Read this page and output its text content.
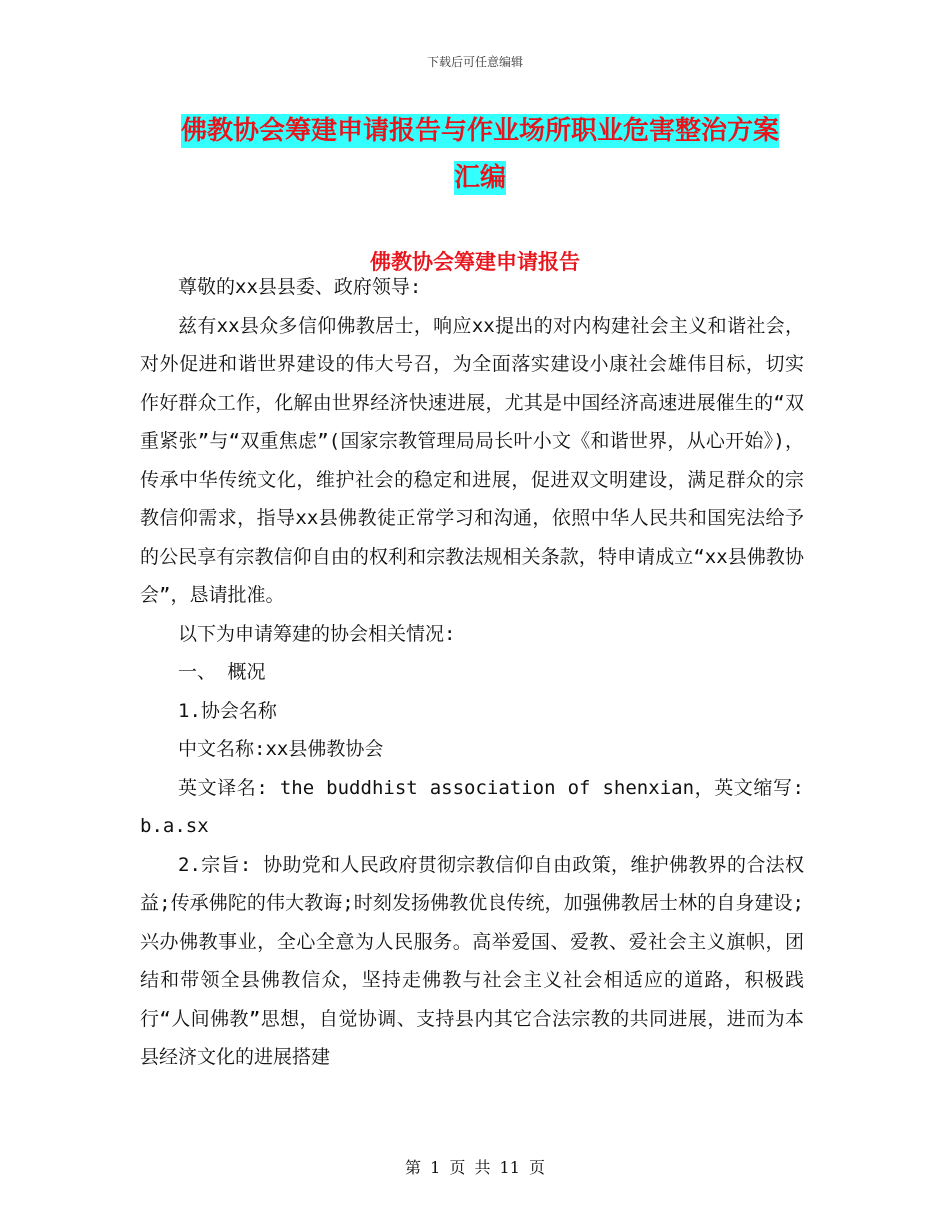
下载后可任意编辑
佛教协会筹建申请报告与作业场所职业危害整治方案
汇编
佛教协会筹建申请报告

尊敬的xx县县委、政府领导:

兹有xx县众多信仰佛教居士，响应xx提出的对内构建社会主义和谐社会，对外促进和谐世界建设的伟大号召，为全面落实建设小康社会雄伟目标，切实作好群众工作，化解由世界经济快速进展，尤其是中国经济高速进展催生的“双重紧张”与“双重焦虑”(国家宗教管理局局长叶小文《和谐世界，从心开始》)，传承中华传统文化，维护社会的稳定和进展，促进双文明建设，满足群众的宗教信仰需求，指导xx县佛教徒正常学习和沟通，依照中华人民共和国宪法给予的公民享有宗教信仰自由的权利和宗教法规相关条款，特申请成立“xx县佛教协会”，恳请批准。

以下为申请筹建的协会相关情况:

一、 概况

1.协会名称

中文名称:xx县佛教协会

英文译名: the buddhist association of shenxian，英文缩写: b.a.sx

2.宗旨: 协助党和人民政府贯彻宗教信仰自由政策，维护佛教界的合法权益;传承佛陀的伟大教诲;时刻发扬佛教优良传统，加强佛教居士林的自身建设;兴办佛教事业，全心全意为人民服务。高举爱国、爱教、爱社会主义旗帜，团结和带领全县佛教信众，坚持走佛教与社会主义社会相适应的道路，积极践行“人间佛教”思想，自觉协调、支持县内其它合法宗教的共同进展，进而为本县经济文化的进展搭建

第 1 页 共 11 页
